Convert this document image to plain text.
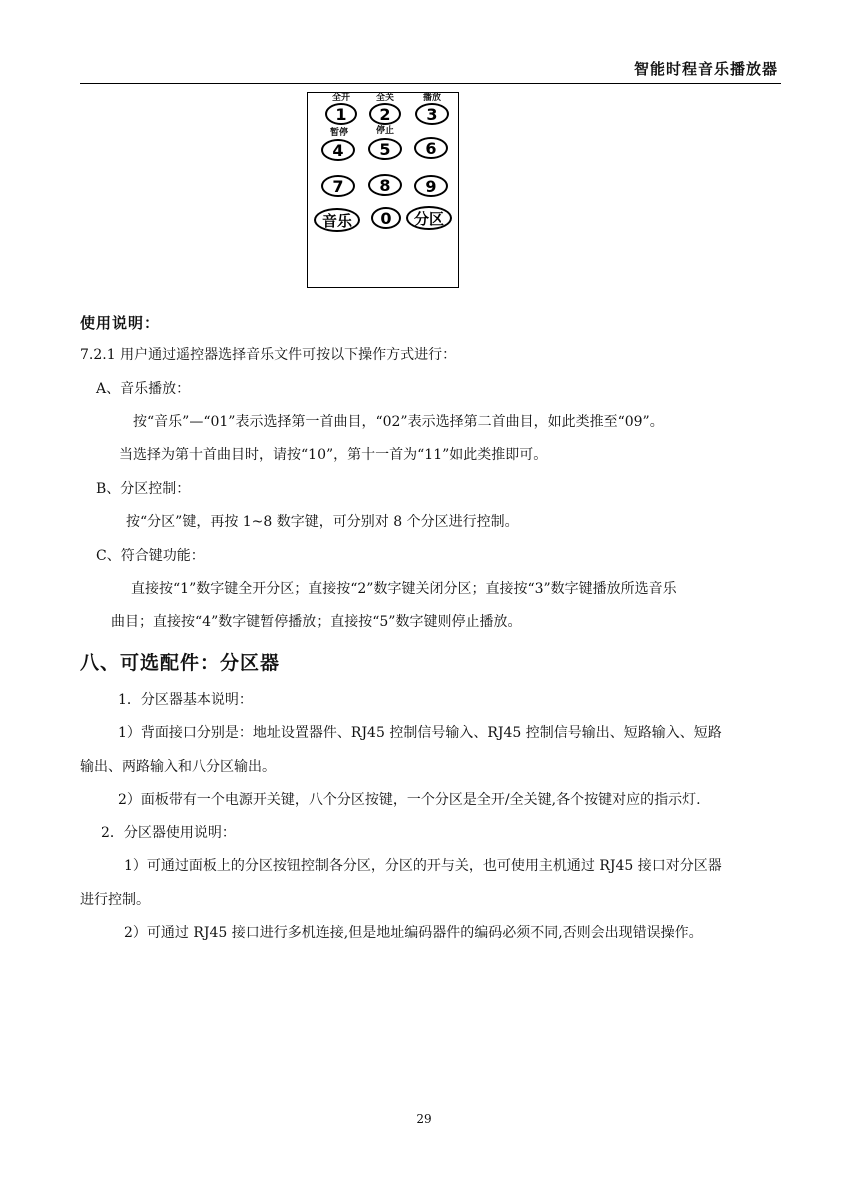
智能时程音乐播放器
全开	全关	播放
1	2	3
暂停	停止
4	5	6
7	8	9
音乐	0	分区
使用说明：
7.2.1 用户通过遥控器选择音乐文件可按以下操作方式进行：
A、音乐播放：
按“音乐”—“01”表示选择第一首曲目，“02”表示选择第二首曲目，如此类推至“09”。
当选择为第十首曲目时，请按“10”，第十一首为“11”如此类推即可。
B、分区控制：
按“分区”键，再按 1~8 数字键，可分别对 8 个分区进行控制。
C、符合键功能：
直接按“1”数字键全开分区；直接按“2”数字键关闭分区；直接按“3”数字键播放所选音乐
曲目；直接按“4”数字键暂停播放；直接按“5”数字键则停止播放。
八、可选配件：分区器
1．分区器基本说明：
1）背面接口分别是：地址设置器件、RJ45 控制信号输入、RJ45 控制信号输出、短路输入、短路
输出、两路输入和八分区输出。
2）面板带有一个电源开关键，八个分区按键，一个分区是全开/全关键,各个按键对应的指示灯.
2．分区器使用说明：
1）可通过面板上的分区按钮控制各分区，分区的开与关，也可使用主机通过 RJ45 接口对分区器
进行控制。
2）可通过 RJ45 接口进行多机连接,但是地址编码器件的编码必须不同,否则会出现错误操作。
29
